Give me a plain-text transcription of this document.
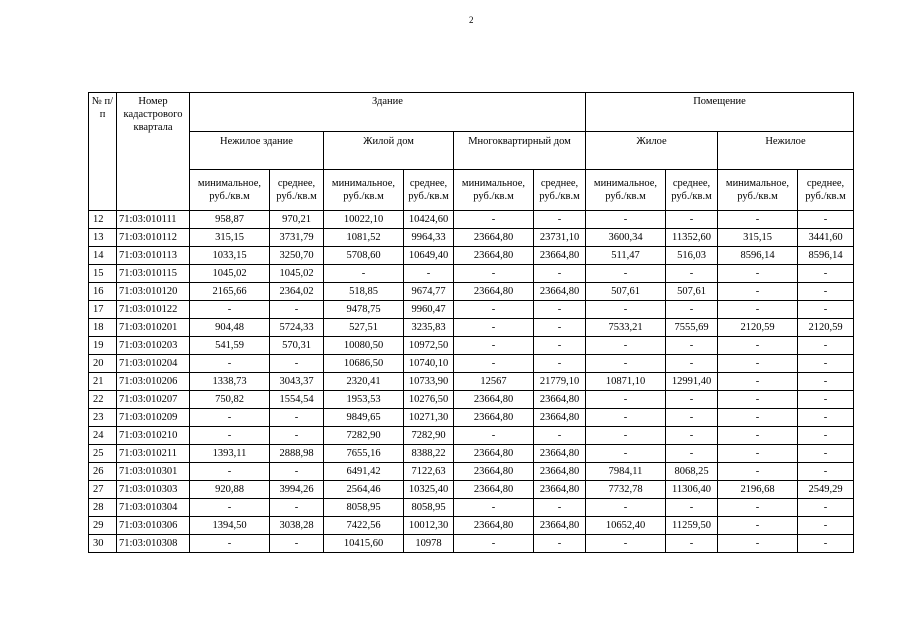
2
№ п/п	Номер кадастрового квартала	Здание						Помещение			
		Нежилое здание		Жилой дом		Многоквартирный дом		Жилое		Нежилое	
		минимальное, руб./кв.м	среднее, руб./кв.м	минимальное, руб./кв.м	среднее, руб./кв.м	минимальное, руб./кв.м	среднее, руб./кв.м	минимальное, руб./кв.м	среднее, руб./кв.м	минимальное, руб./кв.м	среднее, руб./кв.м
12	71:03:010111	958,87	970,21	10022,10	10424,60	-	-	-	-	-	-
13	71:03:010112	315,15	3731,79	1081,52	9964,33	23664,80	23731,10	3600,34	11352,60	315,15	3441,60
14	71:03:010113	1033,15	3250,70	5708,60	10649,40	23664,80	23664,80	511,47	516,03	8596,14	8596,14
15	71:03:010115	1045,02	1045,02	-	-	-	-	-	-	-	-
16	71:03:010120	2165,66	2364,02	518,85	9674,77	23664,80	23664,80	507,61	507,61	-	-
17	71:03:010122	-	-	9478,75	9960,47	-	-	-	-	-	-
18	71:03:010201	904,48	5724,33	527,51	3235,83	-	-	7533,21	7555,69	2120,59	2120,59
19	71:03:010203	541,59	570,31	10080,50	10972,50	-	-	-	-	-	-
20	71:03:010204	-	-	10686,50	10740,10	-	-	-	-	-	-
21	71:03:010206	1338,73	3043,37	2320,41	10733,90	12567	21779,10	10871,10	12991,40	-	-
22	71:03:010207	750,82	1554,54	1953,53	10276,50	23664,80	23664,80	-	-	-	-
23	71:03:010209	-	-	9849,65	10271,30	23664,80	23664,80	-	-	-	-
24	71:03:010210	-	-	7282,90	7282,90	-	-	-	-	-	-
25	71:03:010211	1393,11	2888,98	7655,16	8388,22	23664,80	23664,80	-	-	-	-
26	71:03:010301	-	-	6491,42	7122,63	23664,80	23664,80	7984,11	8068,25	-	-
27	71:03:010303	920,88	3994,26	2564,46	10325,40	23664,80	23664,80	7732,78	11306,40	2196,68	2549,29
28	71:03:010304	-	-	8058,95	8058,95	-	-	-	-	-	-
29	71:03:010306	1394,50	3038,28	7422,56	10012,30	23664,80	23664,80	10652,40	11259,50	-	-
30	71:03:010308	-	-	10415,60	10978	-	-	-	-	-	-
